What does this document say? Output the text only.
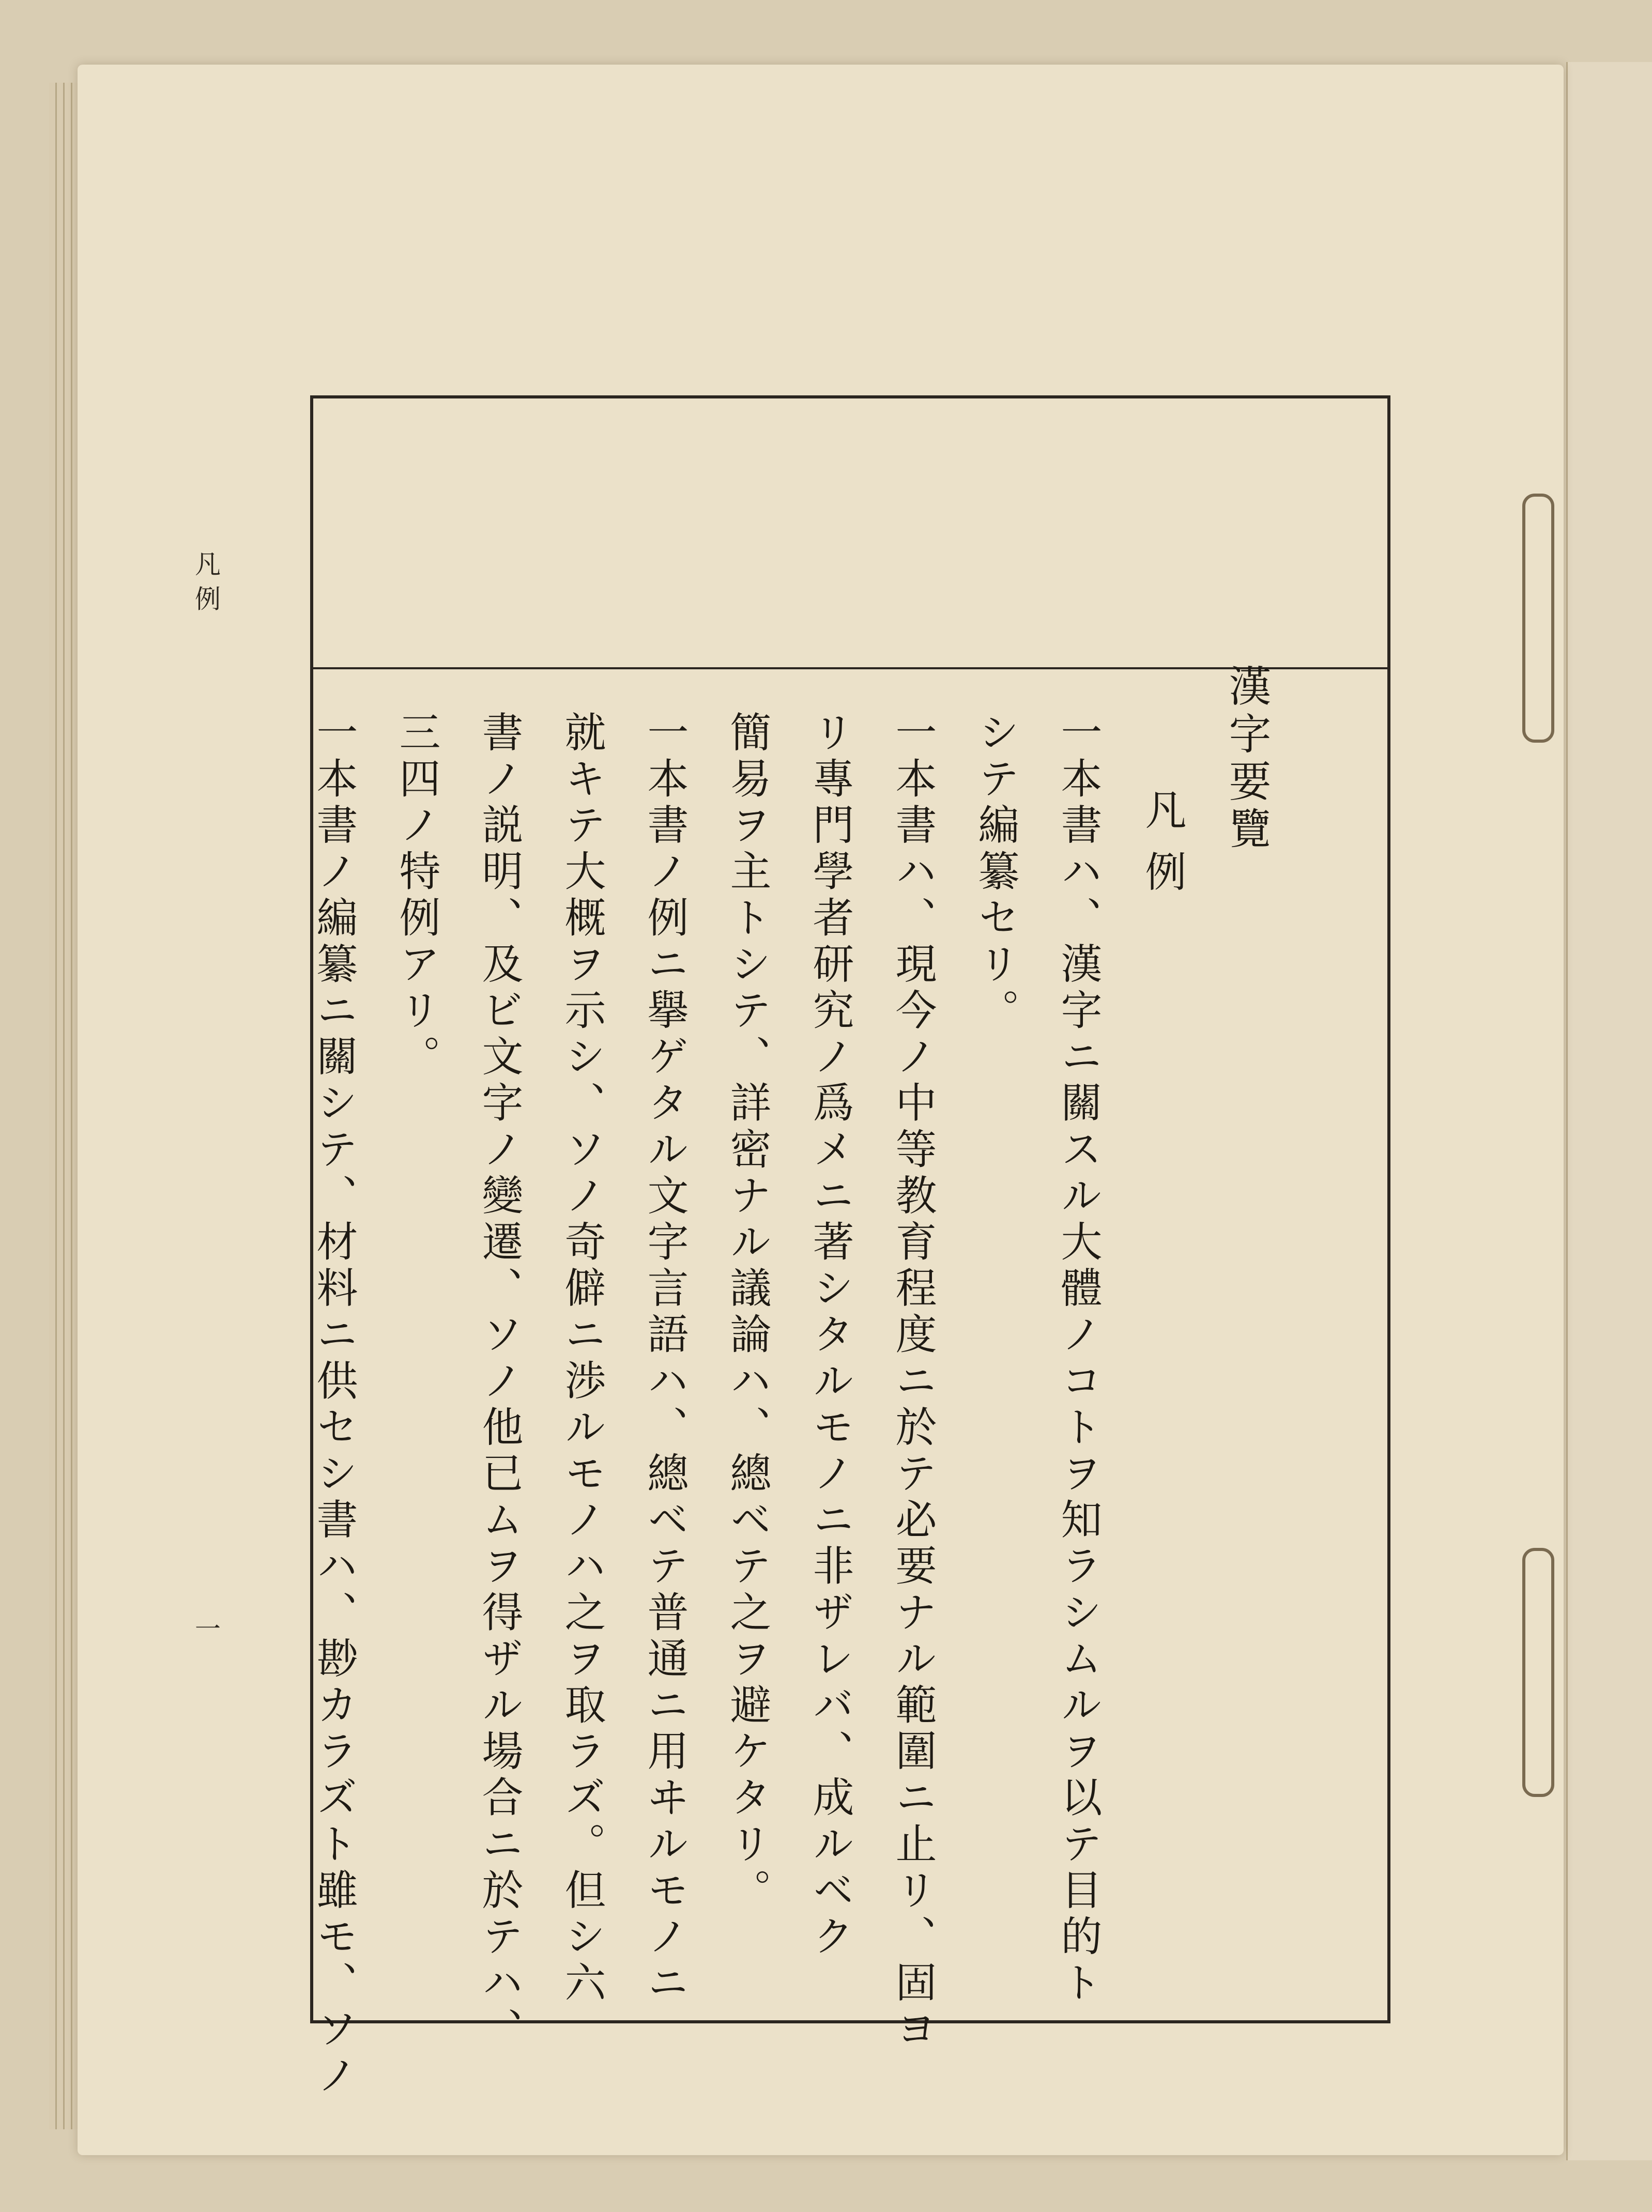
凡例
一
漢字要覽
凡例
一本書ハ、漢字ニ關スル大體ノコトヲ知ラシムルヲ以テ目的ト
シテ編纂セリ。
一本書ハ、現今ノ中等教育程度ニ於テ必要ナル範圍ニ止リ、固ヨ
リ專門學者研究ノ爲メニ著シタルモノニ非ザレバ、成ルベク
簡易ヲ主トシテ、詳密ナル議論ハ、總ベテ之ヲ避ケタリ。
一本書ノ例ニ擧ゲタル文字言語ハ、總ベテ普通ニ用ヰルモノニ
就キテ大概ヲ示シ、ソノ奇僻ニ渉ルモノハ之ヲ取ラズ。但シ六
書ノ説明、及ビ文字ノ變遷、ソノ他已ムヲ得ザル場合ニ於テハ、
三四ノ特例アリ。
一本書ノ編纂ニ關シテ、材料ニ供セシ書ハ、尠カラズト雖モ、ソノ
